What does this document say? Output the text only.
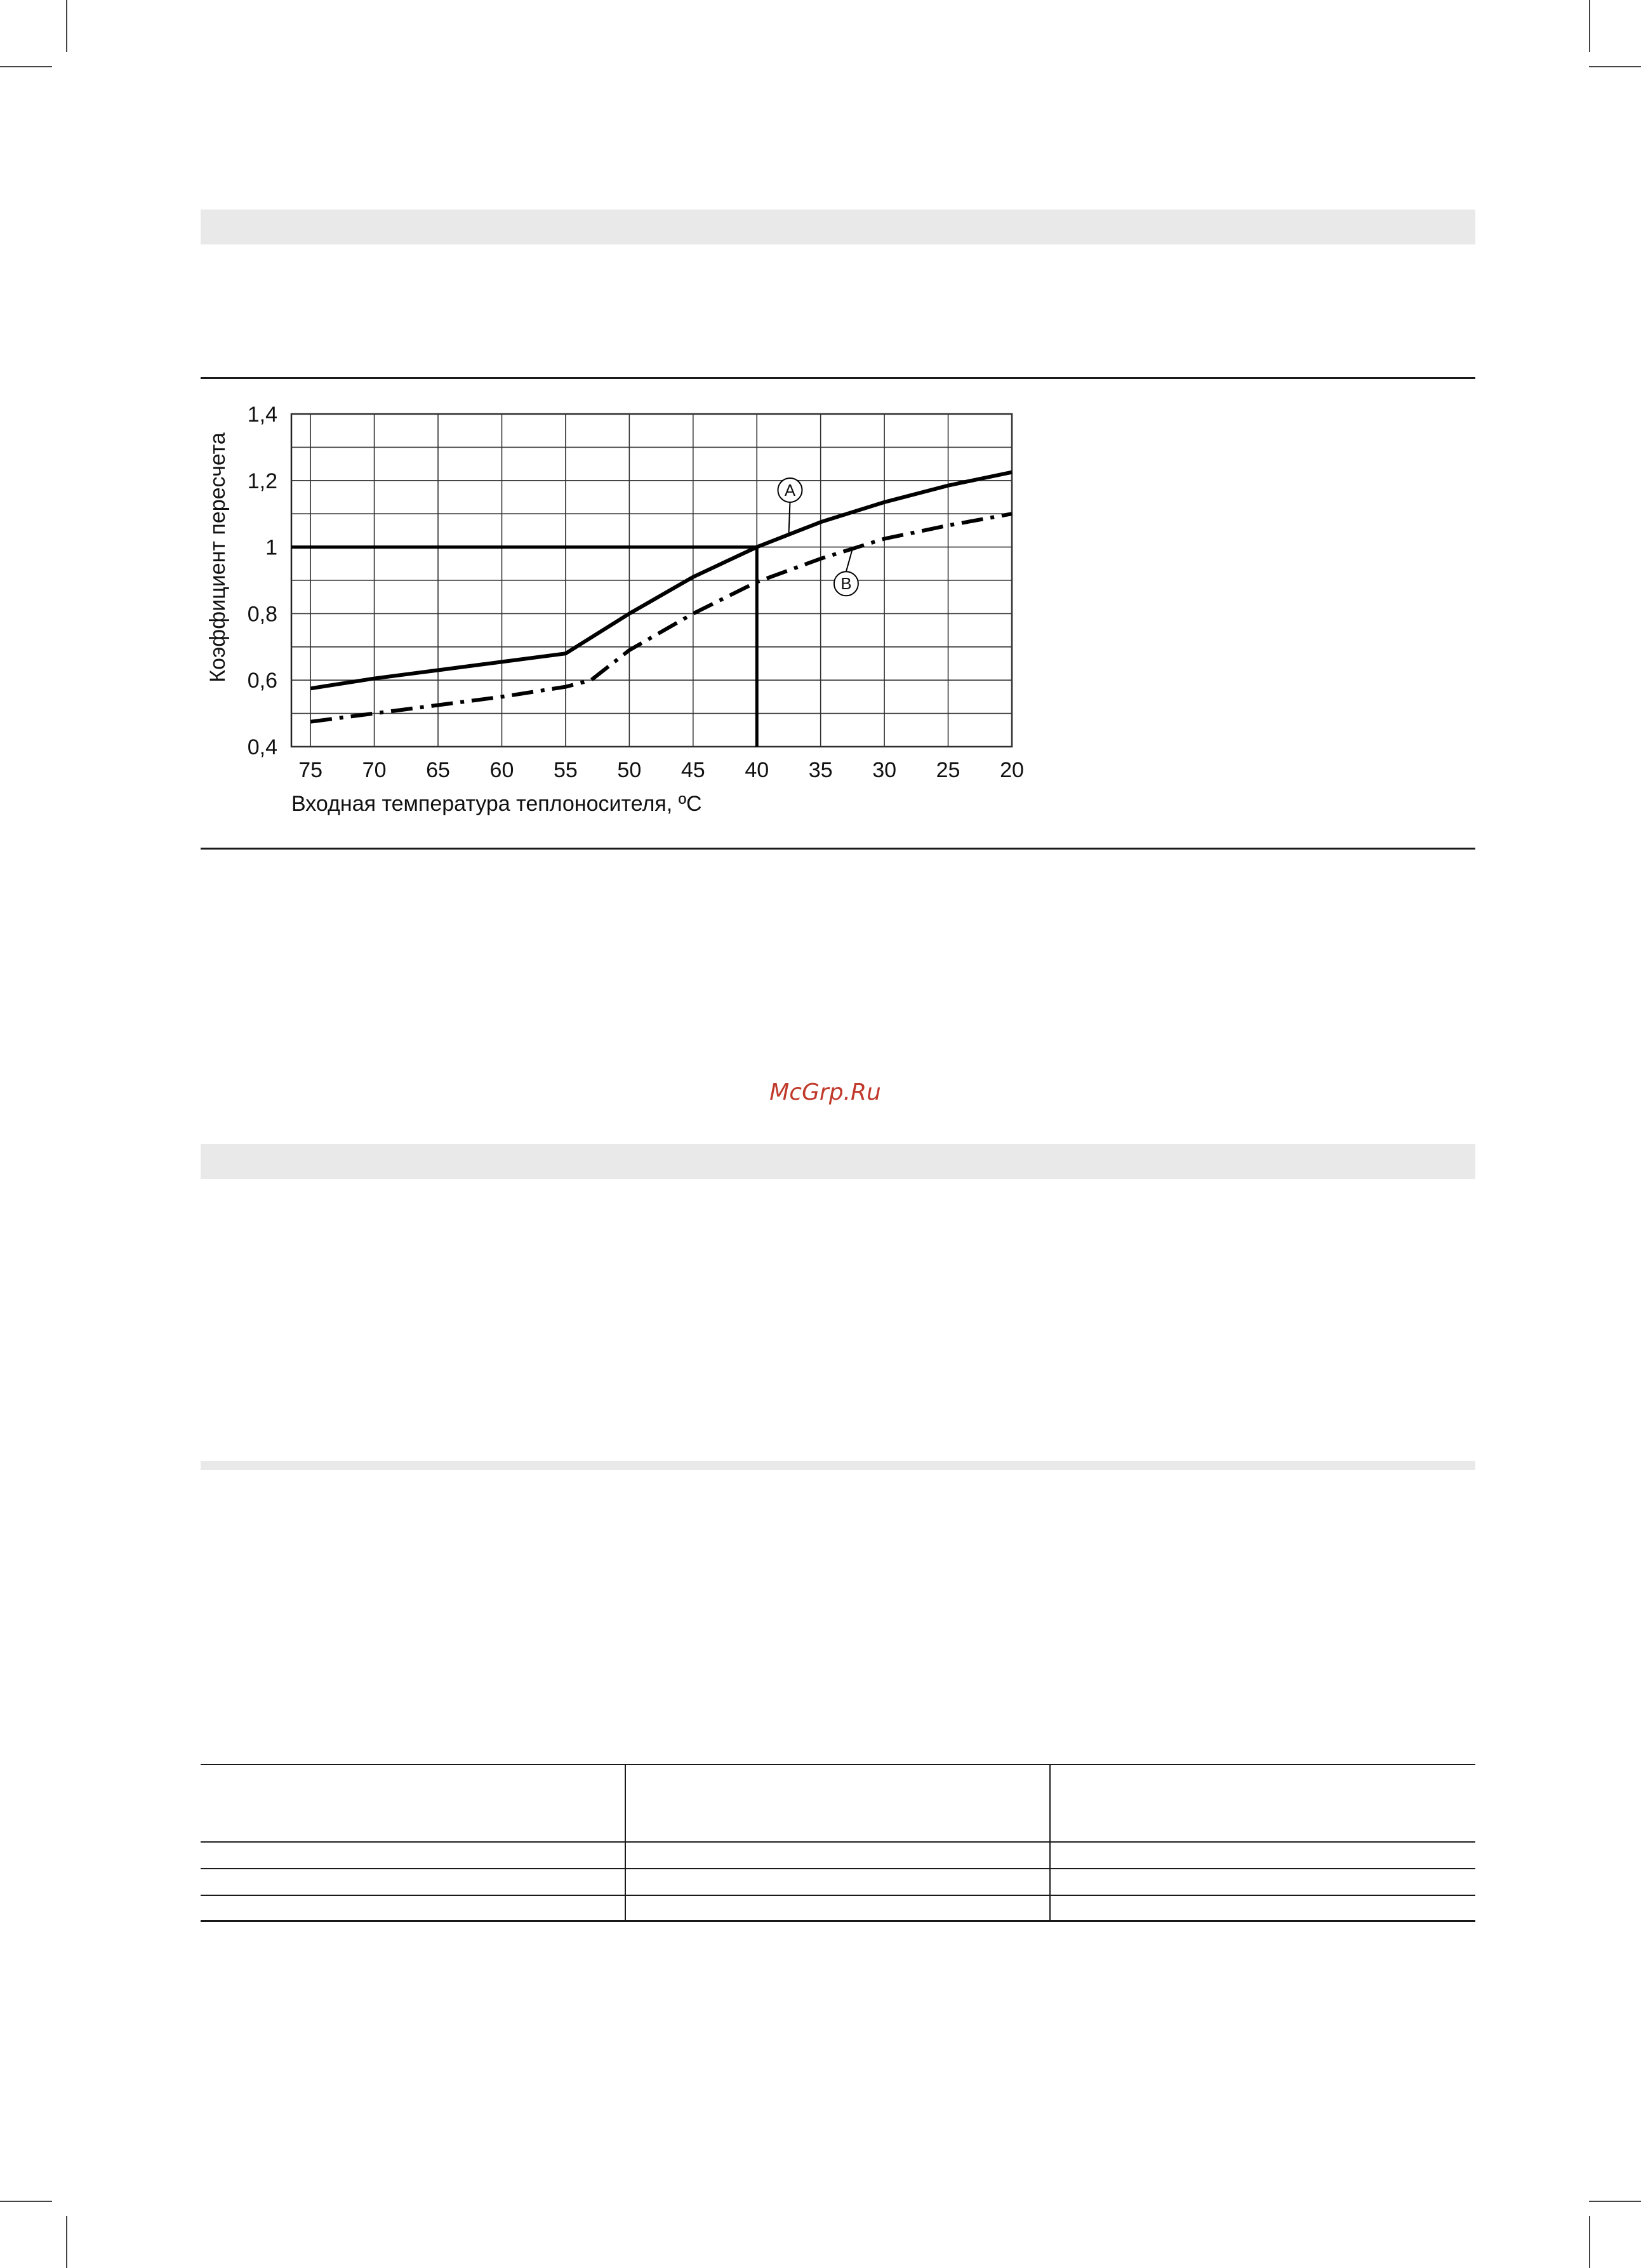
A
B
75 70 65 60 55 50 45 40 35 30 25 20
0,4
0,6
0,8
1
1,2
1,4
Входная температура теплоносителя, ºC
Коэффициент пересчета
McGrp.Ru
